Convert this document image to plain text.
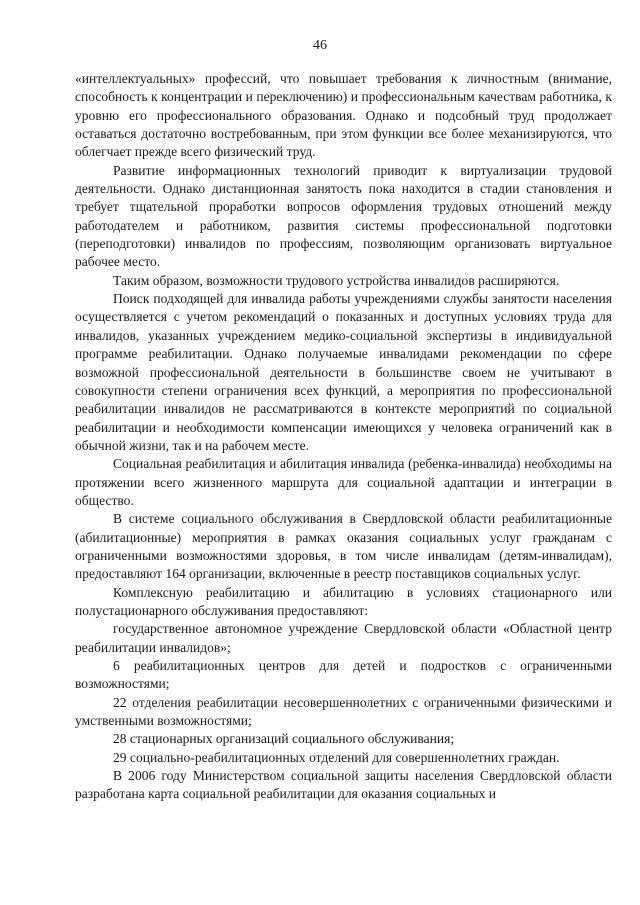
46

«интеллектуальных» профессий, что повышает требования к личностным (внимание, способность к концентрации и переключению) и профессиональным качествам работника, к уровню его профессионального образования. Однако и подсобный труд продолжает оставаться достаточно востребованным, при этом функции все более механизируются, что облегчает прежде всего физический труд.

Развитие информационных технологий приводит к виртуализации трудовой деятельности. Однако дистанционная занятость пока находится в стадии становления и требует тщательной проработки вопросов оформления трудовых отношений между работодателем и работником, развития системы профессиональной подготовки (переподготовки) инвалидов по профессиям, позволяющим организовать виртуальное рабочее место.

Таким образом, возможности трудового устройства инвалидов расширяются.

Поиск подходящей для инвалида работы учреждениями службы занятости населения осуществляется с учетом рекомендаций о показанных и доступных условиях труда для инвалидов, указанных учреждением медико-социальной экспертизы в индивидуальной программе реабилитации. Однако получаемые инвалидами рекомендации по сфере возможной профессиональной деятельности в большинстве своем не учитывают в совокупности степени ограничения всех функций, а мероприятия по профессиональной реабилитации инвалидов не рассматриваются в контексте мероприятий по социальной реабилитации и необходимости компенсации имеющихся у человека ограничений как в обычной жизни, так и на рабочем месте.

Социальная реабилитация и абилитация инвалида (ребенка-инвалида) необходимы на протяжении всего жизненного маршрута для социальной адаптации и интеграции в общество.

В системе социального обслуживания в Свердловской области реабилитационные (абилитационные) мероприятия в рамках оказания социальных услуг гражданам с ограниченными возможностями здоровья, в том числе инвалидам (детям-инвалидам), предоставляют 164 организации, включенные в реестр поставщиков социальных услуг.

Комплексную реабилитацию и абилитацию в условиях стационарного или полустационарного обслуживания предоставляют:

государственное автономное учреждение Свердловской области «Областной центр реабилитации инвалидов»;

6 реабилитационных центров для детей и подростков с ограниченными возможностями;

22 отделения реабилитации несовершеннолетних с ограниченными физическими и умственными возможностями;

28 стационарных организаций социального обслуживания;

29 социально-реабилитационных отделений для совершеннолетних граждан.

В 2006 году Министерством социальной защиты населения Свердловской области разработана карта социальной реабилитации для оказания социальных и
